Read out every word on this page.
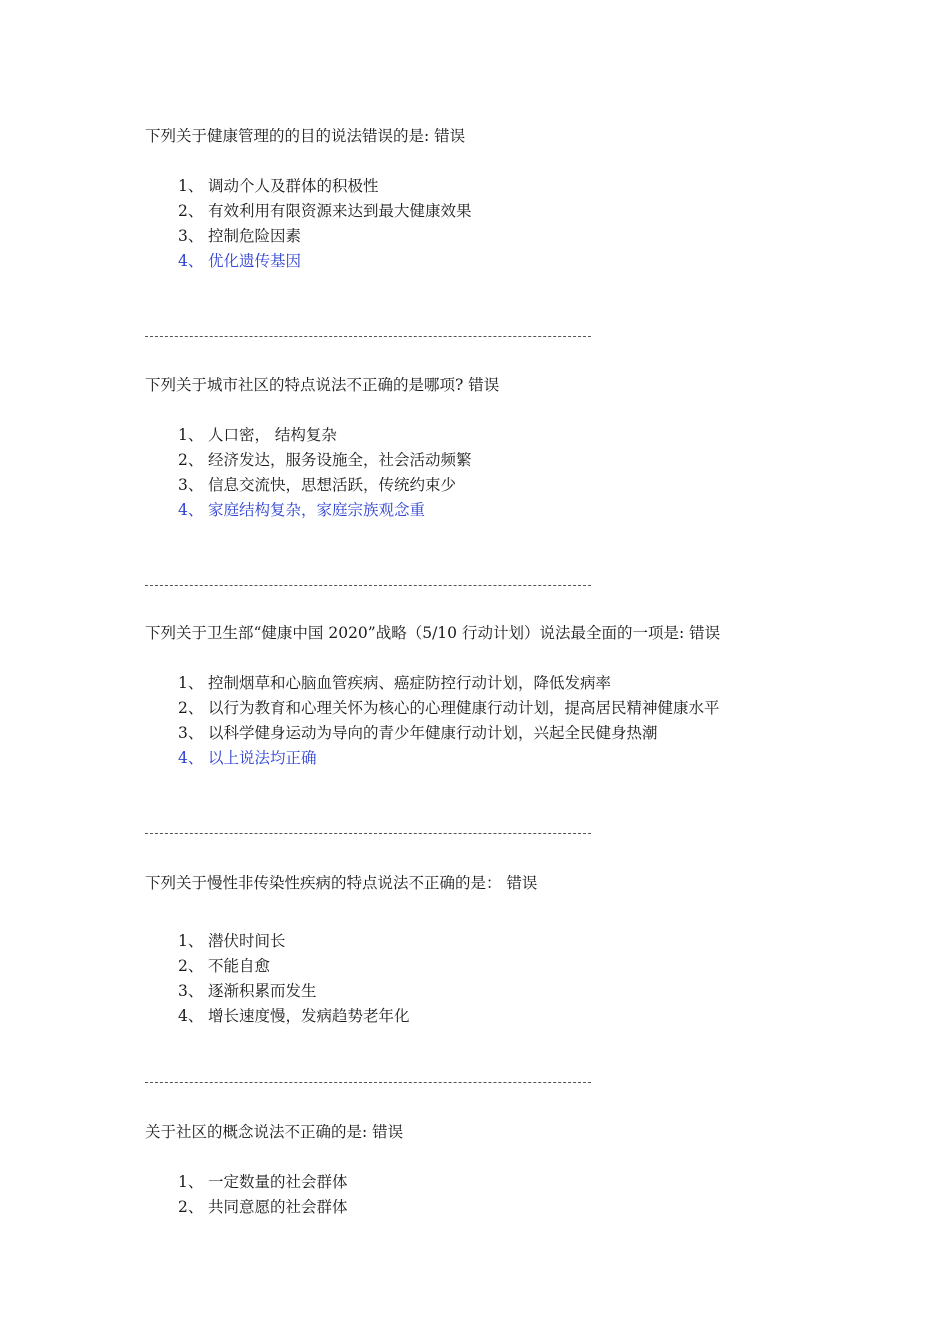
下列关于健康管理的的目的说法错误的是: 错误

1、 调动个人及群体的积极性
2、 有效利用有限资源来达到最大健康效果
3、 控制危险因素
4、 优化遗传基因

下列关于城市社区的特点说法不正确的是哪项? 错误

1、 人口密， 结构复杂
2、 经济发达，服务设施全，社会活动频繁
3、 信息交流快，思想活跃，传统约束少
4、 家庭结构复杂，家庭宗族观念重

下列关于卫生部“健康中国 2020”战略（5/10 行动计划）说法最全面的一项是: 错误

1、 控制烟草和心脑血管疾病、癌症防控行动计划，降低发病率
2、 以行为教育和心理关怀为核心的心理健康行动计划，提高居民精神健康水平
3、 以科学健身运动为导向的青少年健康行动计划，兴起全民健身热潮
4、 以上说法均正确

下列关于慢性非传染性疾病的特点说法不正确的是： 错误

1、 潜伏时间长
2、 不能自愈
3、 逐渐积累而发生
4、 增长速度慢，发病趋势老年化

关于社区的概念说法不正确的是: 错误

1、 一定数量的社会群体
2、 共同意愿的社会群体
